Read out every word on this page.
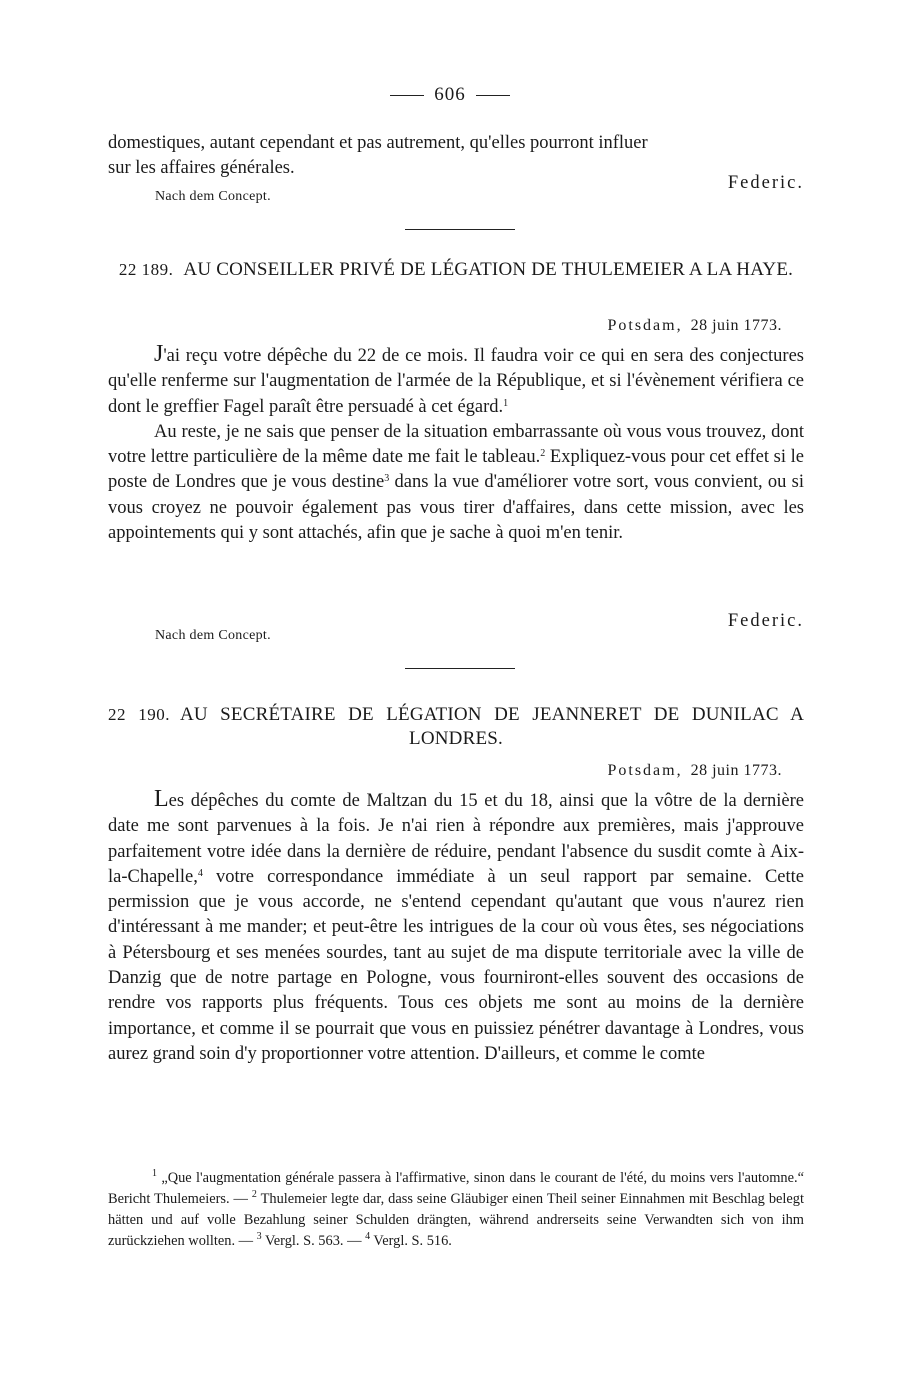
606

domestiques, autant cependant et pas autrement, qu'elles pourront influer sur les affaires générales.

Federic.
Nach dem Concept.
22 189. AU CONSEILLER PRIVÉ DE LÉGATION DE THULEMEIER A LA HAYE.
Potsdam, 28 juin 1773.

J'ai reçu votre dépêche du 22 de ce mois. Il faudra voir ce qui en sera des conjectures qu'elle renferme sur l'augmentation de l'armée de la République, et si l'évènement vérifiera ce dont le greffier Fagel paraît être persuadé à cet égard.$^1$

Au reste, je ne sais que penser de la situation embarrassante où vous vous trouvez, dont votre lettre particulière de la même date me fait le tableau.$^2$ Expliquez-vous pour cet effet si le poste de Londres que je vous destine$^3$ dans la vue d'améliorer votre sort, vous convient, ou si vous croyez ne pouvoir également pas vous tirer d'affaires, dans cette mission, avec les appointements qui y sont attachés, afin que je sache à quoi m'en tenir.

Federic.
Nach dem Concept.
22 190. AU SECRÉTAIRE DE LÉGATION DE JEANNERET DE DUNILAC A LONDRES.
Potsdam, 28 juin 1773.

Les dépêches du comte de Maltzan du 15 et du 18, ainsi que la vôtre de la dernière date me sont parvenues à la fois. Je n'ai rien à répondre aux premières, mais j'approuve parfaitement votre idée dans la dernière de réduire, pendant l'absence du susdit comte à Aix-la-Chapelle,$^4$ votre correspondance immédiate à un seul rapport par semaine. Cette permission que je vous accorde, ne s'entend cependant qu'autant que vous n'aurez rien d'intéressant à me mander; et peut-être les intrigues de la cour où vous êtes, ses négociations à Pétersbourg et ses menées sourdes, tant au sujet de ma dispute territoriale avec la ville de Danzig que de notre partage en Pologne, vous fourniront-elles souvent des occasions de rendre vos rapports plus fréquents. Tous ces objets me sont au moins de la dernière importance, et comme il se pourrait que vous en puissiez pénétrer davantage à Londres, vous aurez grand soin d'y proportionner votre attention. D'ailleurs, et comme le comte

$^1$ „Que l'augmentation générale passera à l'affirmative, sinon dans le courant de l'été, du moins vers l'automne.“ Bericht Thulemeiers. — $^2$ Thulemeier legte dar, dass seine Gläubiger einen Theil seiner Einnahmen mit Beschlag belegt hätten und auf volle Bezahlung seiner Schulden drängten, während andrerseits seine Verwandten sich von ihm zurückziehen wollten. — $^3$ Vergl. S. 563. — $^4$ Vergl. S. 516.
